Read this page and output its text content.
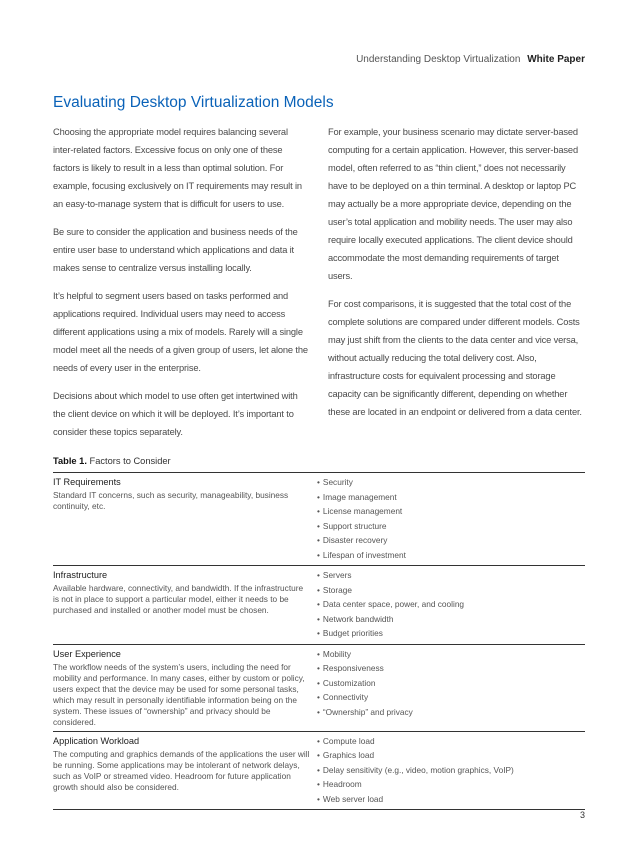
Understanding Desktop Virtualization White Paper
Evaluating Desktop Virtualization Models

Choosing the appropriate model requires balancing several inter-related factors. Excessive focus on only one of these factors is likely to result in a less than optimal solution. For example, focusing exclusively on IT requirements may result in an easy-to-manage system that is difficult for users to use.

Be sure to consider the application and business needs of the entire user base to understand which applications and data it makes sense to centralize versus installing locally.

It’s helpful to segment users based on tasks performed and applications required. Individual users may need to access different applications using a mix of models. Rarely will a single model meet all the needs of a given group of users, let alone the needs of every user in the enterprise.

Decisions about which model to use often get intertwined with the client device on which it will be deployed. It’s important to consider these topics separately.

For example, your business scenario may dictate server-based computing for a certain application. However, this server-based model, often referred to as “thin client,” does not necessarily have to be deployed on a thin terminal. A desktop or laptop PC may actually be a more appropriate device, depending on the user’s total application and mobility needs. The user may also require locally executed applications. The client device should accommodate the most demanding requirements of target users.

For cost comparisons, it is suggested that the total cost of the complete solutions are compared under different models. Costs may just shift from the clients to the data center and vice versa, without actually reducing the total delivery cost. Also, infrastructure costs for equivalent processing and storage capacity can be significantly different, depending on whether these are located in an endpoint or delivered from a data center.

Table 1. Factors to Consider
IT Requirements
Standard IT concerns, such as security, manageability, business continuity, etc.
• Security
• Image management
• License management
• Support structure
• Disaster recovery
• Lifespan of investment
Infrastructure
Available hardware, connectivity, and bandwidth. If the infrastructure is not in place to support a particular model, either it needs to be purchased and installed or another model must be chosen.
• Servers
• Storage
• Data center space, power, and cooling
• Network bandwidth
• Budget priorities
User Experience
The workflow needs of the system’s users, including the need for mobility and performance. In many cases, either by custom or policy, users expect that the device may be used for some personal tasks, which may result in personally identifiable information being on the system. These issues of “ownership” and privacy should be considered.
• Mobility
• Responsiveness
• Customization
• Connectivity
• “Ownership” and privacy
Application Workload
The computing and graphics demands of the applications the user will be running. Some applications may be intolerant of network delays, such as VoIP or streamed video. Headroom for future application growth should also be considered.
• Compute load
• Graphics load
• Delay sensitivity (e.g., video, motion graphics, VoIP)
• Headroom
• Web server load
3
